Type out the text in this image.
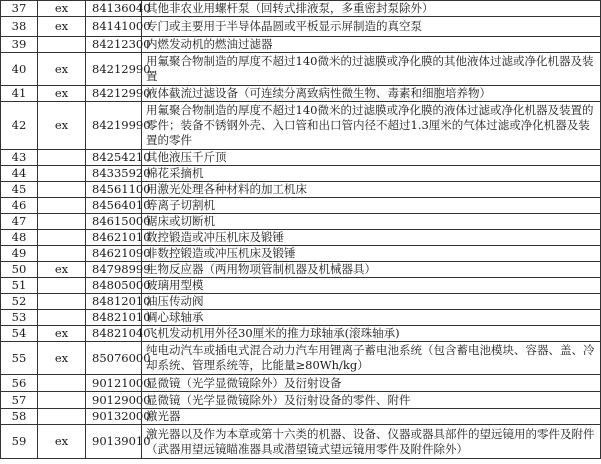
37	ex	84136040	其他非农业用螺杆泵（回转式排液泵，多重密封泵除外）
38	ex	84141000	专门或主要用于半导体晶圆或平板显示屏制造的真空泵
39		84212300	内燃发动机的燃油过滤器
40	ex	84212990	用氟聚合物制造的厚度不超过140微米的过滤膜或净化膜的其他液体过滤或净化机器及装置
41	ex	84212990	液体截流过滤设备（可连续分离致病性微生物、毒素和细胞培养物）
42	ex	84219990	用氟聚合物制造的厚度不超过140微米的过滤膜或净化膜的液体过滤或净化机器及装置的零件；装备不锈钢外壳、入口管和出口管内径不超过1.3厘米的气体过滤或净化机器及装置的零件
43		84254210	其他液压千斤顶
44		84335920	棉花采摘机
45		84561100	用激光处理各种材料的加工机床
46		84564010	等离子切割机
47		84615000	锯床或切断机
48		84621010	数控锻造或冲压机床及锻锤
49		84621090	非数控锻造或冲压机床及锻锤
50	ex	84798999	生物反应器（两用物项管制机器及机械器具）
51		84805000	玻璃用型模
52		84812010	油压传动阀
53		84821010	调心球轴承
54	ex	84821040	飞机发动机用外径30厘米的推力球轴承(滚珠轴承)
55	ex	85076000	纯电动汽车或插电式混合动力汽车用锂离子蓄电池系统（包含蓄电池模块、容器、盖、冷却系统、管理系统等，比能量≥80Wh/kg）
56		90121000	显微镜（光学显微镜除外）及衍射设备
57		90129000	显微镜（光学显微镜除外）及衍射设备的零件、附件
58		90132000	激光器
59	ex	90139010	激光器以及作为本章或第十六类的机器、设备、仪器或器具部件的望远镜用的零件及附件（武器用望远镜瞄准器具或潜望镜式望远镜用零件及附件除外）
